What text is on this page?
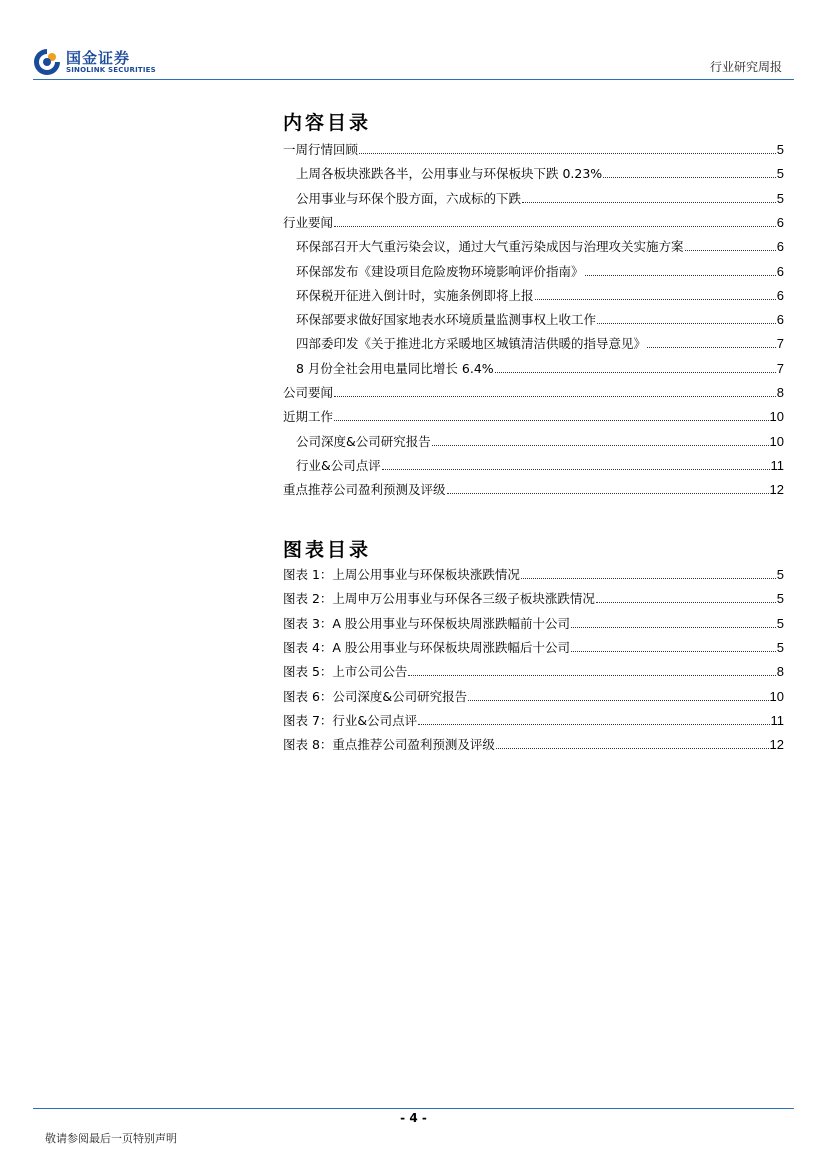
国金证券
SINOLINK SECURITIES	行业研究周报
内容目录
一周行情回顾	5
上周各板块涨跌各半，公用事业与环保板块下跌 0.23%	5
公用事业与环保个股方面，六成标的下跌	5
行业要闻	6
环保部召开大气重污染会议，通过大气重污染成因与治理攻关实施方案	6
环保部发布《建设项目危险废物环境影响评价指南》	6
环保税开征进入倒计时，实施条例即将上报	6
环保部要求做好国家地表水环境质量监测事权上收工作	6
四部委印发《关于推进北方采暖地区城镇清洁供暖的指导意见》	7
8 月份全社会用电量同比增长 6.4%	7
公司要闻	8
近期工作	10
公司深度&公司研究报告	10
行业&公司点评	11
重点推荐公司盈利预测及评级	12
图表目录
图表 1：上周公用事业与环保板块涨跌情况	5
图表 2：上周申万公用事业与环保各三级子板块涨跌情况	5
图表 3：A 股公用事业与环保板块周涨跌幅前十公司	5
图表 4：A 股公用事业与环保板块周涨跌幅后十公司	5
图表 5：上市公司公告	8
图表 6：公司深度&公司研究报告	10
图表 7：行业&公司点评	11
图表 8：重点推荐公司盈利预测及评级	12
- 4 -
敬请参阅最后一页特别声明
